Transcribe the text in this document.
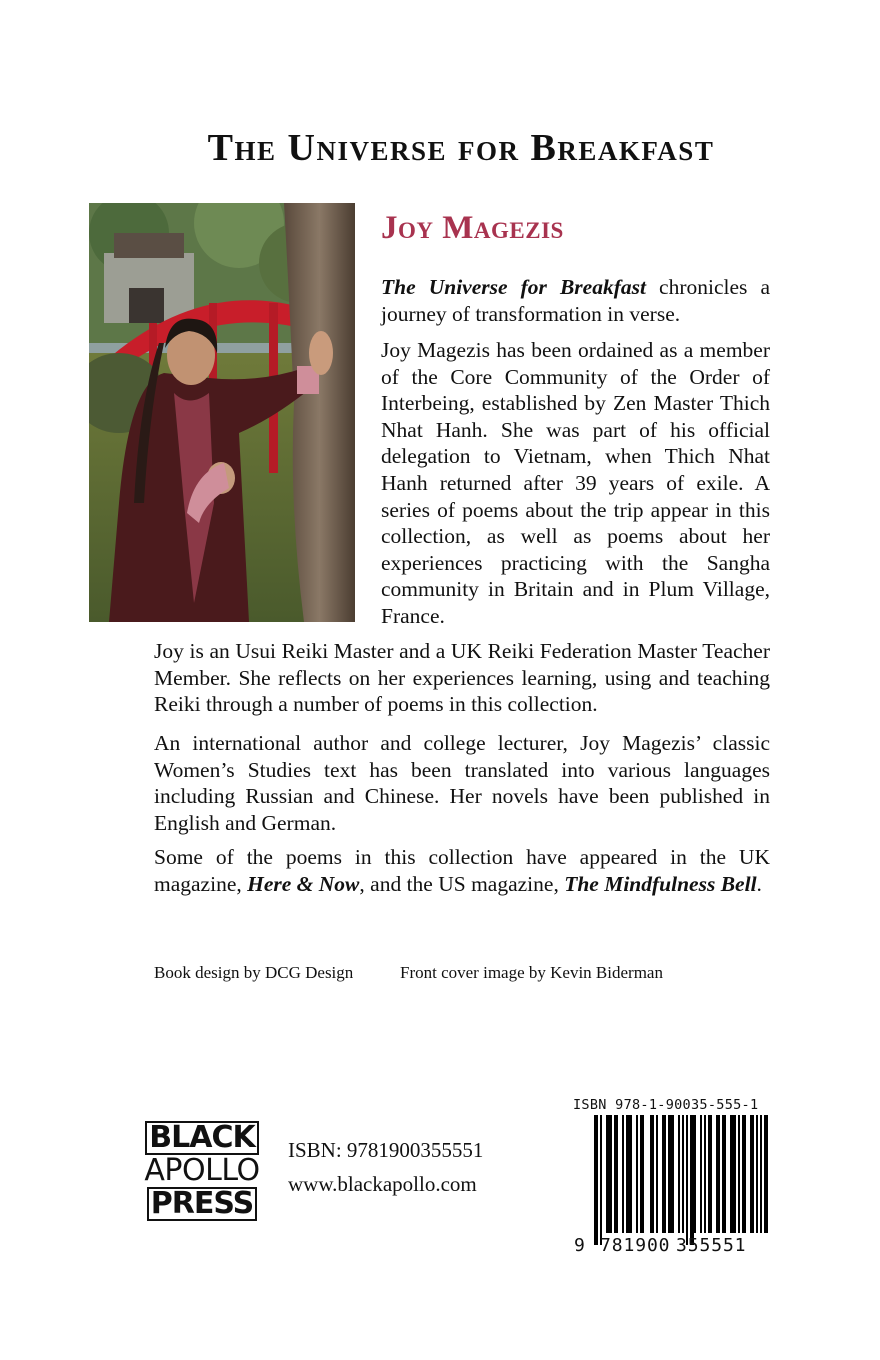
The Universe for Breakfast
Joy Magezis

The Universe for Breakfast chronicles a journey of transformation in verse.

Joy Magezis has been ordained as a member of the Core Community of the Order of Interbeing, established by Zen Master Thich Nhat Hanh. She was part of his official delegation to Vietnam, when Thich Nhat Hanh returned after 39 years of exile. A series of poems about the trip appear in this collection, as well as poems about her experiences practicing with the Sangha community in Britain and in Plum Village, France.

Joy is an Usui Reiki Master and a UK Reiki Federation Master Teacher Member. She reflects on her experiences learning, using and teaching Reiki through a number of poems in this collection.

An international author and college lecturer, Joy Magezis’ classic Women’s Studies text has been translated into various languages including Russian and Chinese. Her novels have been published in English and German.

Some of the poems in this collection have appeared in the UK magazine, Here & Now, and the US magazine, The Mindfulness Bell.

Book design by DCG Design	Front cover image by Kevin Biderman
BLACK
APOLLO
PRESS
ISBN: 9781900355551
www.blackapollo.com
ISBN 978-1-90035-555-1
9 781900 355551
